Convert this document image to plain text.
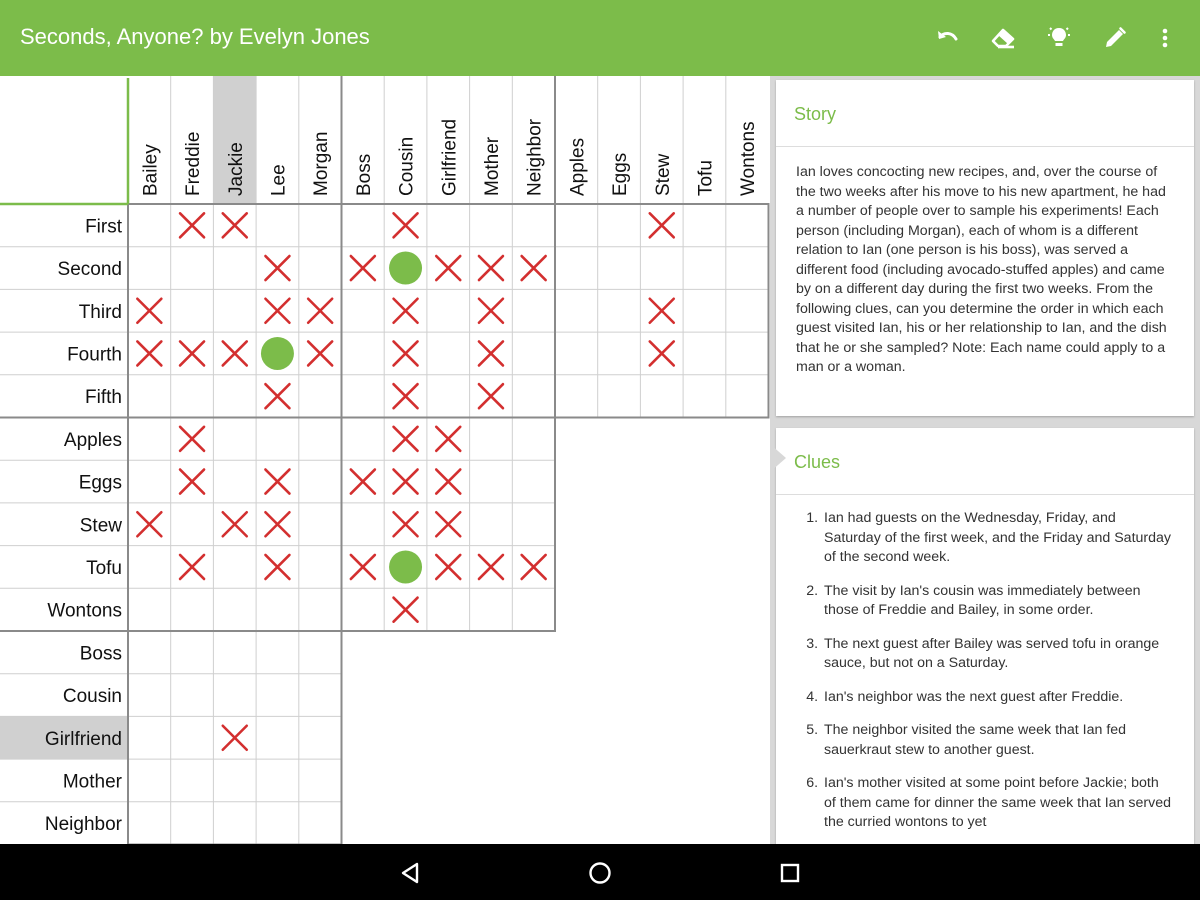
Seconds, Anyone? by Evelyn Jones
Bailey Freddie Jackie Lee Morgan Boss Cousin Girlfriend Mother Neighbor Apples Eggs Stew Tofu Wontons
First
Second
Third
Fourth
Fifth
Apples
Eggs
Stew
Tofu
Wontons
Boss
Cousin
Girlfriend
Mother
Neighbor
Story
Ian loves concocting new recipes, and, over the course of the two weeks after his move to his new apartment, he had a number of people over to sample his experiments! Each person (including Morgan), each of whom is a different relation to Ian (one person is his boss), was served a different food (including avocado-stuffed apples) and came by on a different day during the first two weeks. From the following clues, can you determine the order in which each guest visited Ian, his or her relationship to Ian, and the dish that he or she sampled? Note: Each name could apply to a man or a woman.
Clues
1. Ian had guests on the Wednesday, Friday, and Saturday of the first week, and the Friday and Saturday of the second week.
2. The visit by Ian's cousin was immediately between those of Freddie and Bailey, in some order.
3. The next guest after Bailey was served tofu in orange sauce, but not on a Saturday.
4. Ian's neighbor was the next guest after Freddie.
5. The neighbor visited the same week that Ian fed sauerkraut stew to another guest.
6. Ian's mother visited at some point before Jackie; both of them came for dinner the same week that Ian served the curried wontons to yet
